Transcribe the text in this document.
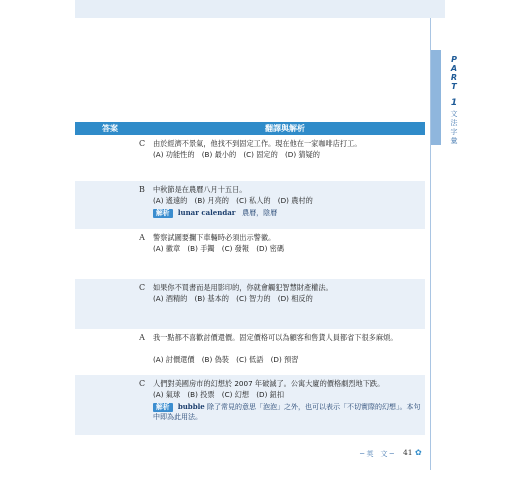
P
A
R
T
1
文
法
字
彙
答案	翻譯與解析
C	由於經濟不景氣，他找不到固定工作。現在他在一家咖啡店打工。
(A) 功能性的　(B) 最小的　(C) 固定的　(D) 猜疑的
B	中秋節是在農曆八月十五日。
(A) 遙遠的　(B) 月亮的　(C) 私人的　(D) 農村的
解析 lunar calendar 農曆，陰曆
A	警察試圖要攔下車輛時必須出示警徽。
(A) 徽章　(B) 手鐲　(C) 發報　(D) 密碼
C	如果你不買書而是用影印的，你就會觸犯智慧財產權法。
(A) 酒精的　(B) 基本的　(C) 智力的　(D) 相反的
A	我一點都不喜歡討價還價。固定價格可以為顧客和售貨人員都省下很多麻煩。
(A) 討價還價　(B) 偽裝　(C) 低語　(D) 預習
C	人們對美國房市的幻想於 2007 年破滅了。公寓大廈的價格劇烈地下跌。
(A) 氣球　(B) 投票　(C) 幻想　(D) 鈕扣
解析 bubble 除了常見的意思「泡泡」之外，也可以表示「不切實際的幻想」。本句中即為此用法。
─ 英　文 ─ 41 ✿
